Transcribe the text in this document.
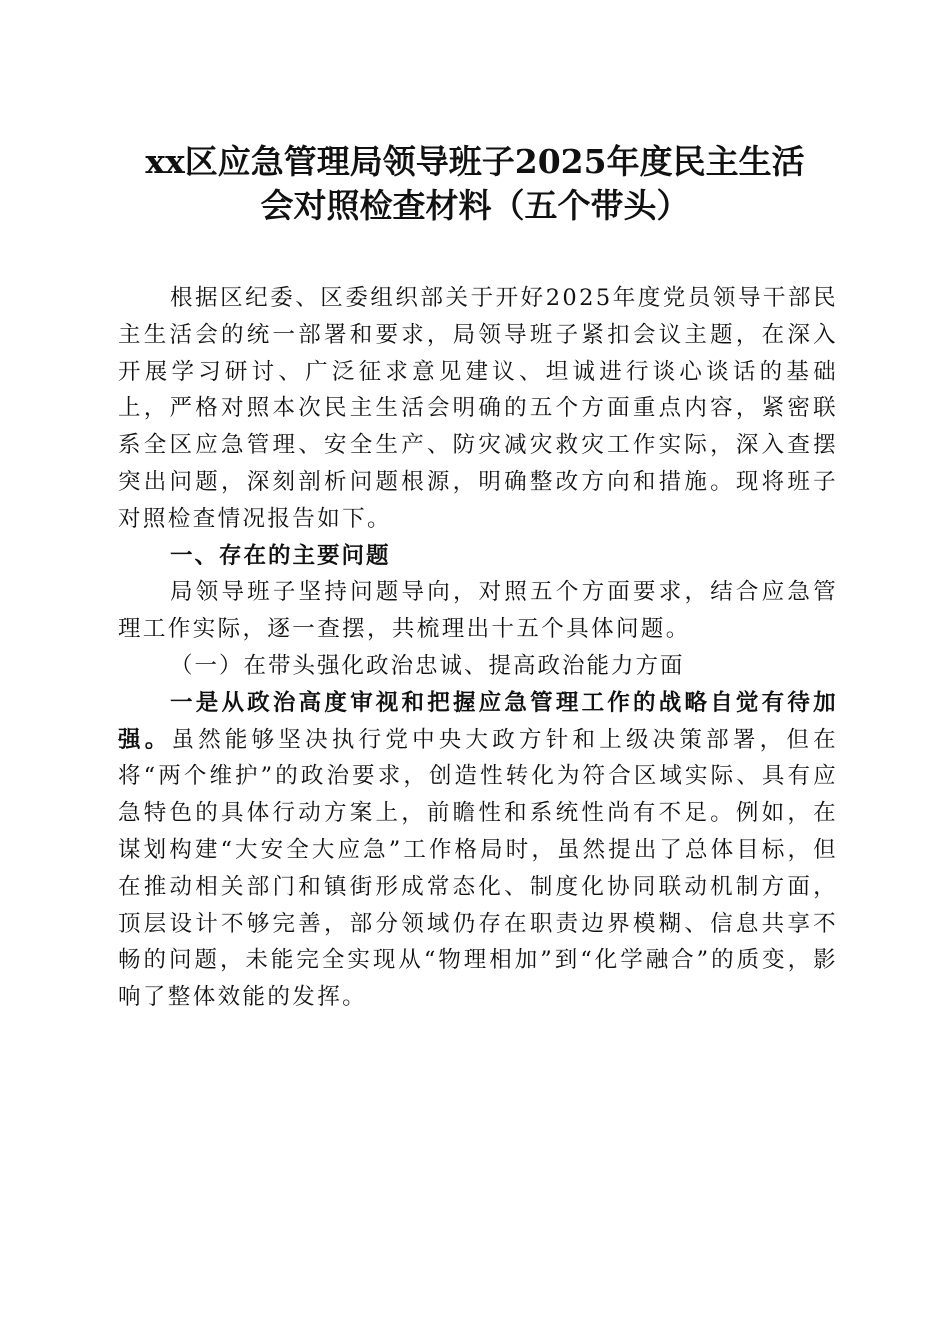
xx区应急管理局领导班子2025年度民主生活
会对照检查材料（五个带头）

根据区纪委、区委组织部关于开好2025年度党员领导干部民主生活会的统一部署和要求，局领导班子紧扣会议主题，在深入开展学习研讨、广泛征求意见建议、坦诚进行谈心谈话的基础上，严格对照本次民主生活会明确的五个方面重点内容，紧密联系全区应急管理、安全生产、防灾减灾救灾工作实际，深入查摆突出问题，深刻剖析问题根源，明确整改方向和措施。现将班子对照检查情况报告如下。

一、存在的主要问题

局领导班子坚持问题导向，对照五个方面要求，结合应急管理工作实际，逐一查摆，共梳理出十五个具体问题。

（一）在带头强化政治忠诚、提高政治能力方面

一是从政治高度审视和把握应急管理工作的战略自觉有待加强。虽然能够坚决执行党中央大政方针和上级决策部署，但在将“两个维护”的政治要求，创造性转化为符合区域实际、具有应急特色的具体行动方案上，前瞻性和系统性尚有不足。例如，在谋划构建“大安全大应急”工作格局时，虽然提出了总体目标，但在推动相关部门和镇街形成常态化、制度化协同联动机制方面，顶层设计不够完善，部分领域仍存在职责边界模糊、信息共享不畅的问题，未能完全实现从“物理相加”到“化学融合”的质变，影响了整体效能的发挥。
